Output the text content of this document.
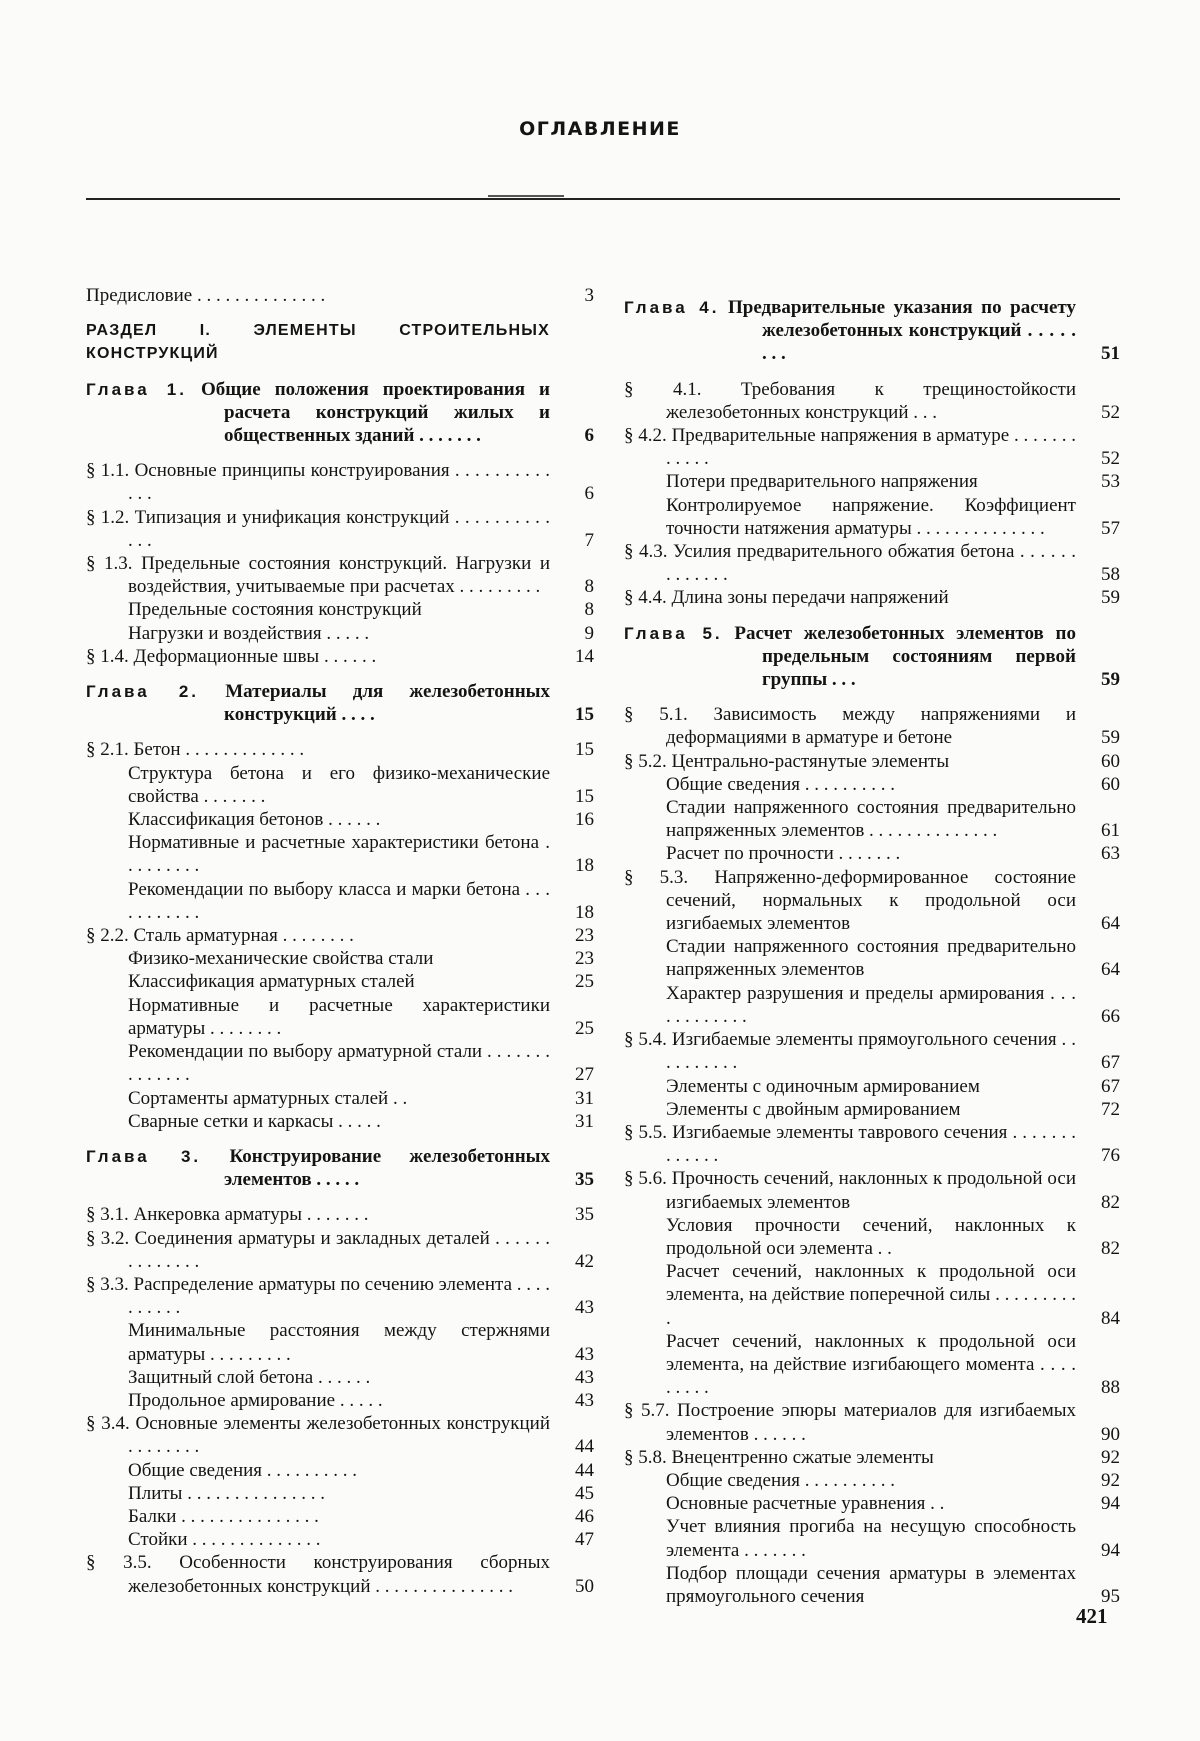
ОГЛАВЛЕНИЕ
Предисловие . . . . . . . . . . . . . .	3
РАЗДЕЛ I. ЭЛЕМЕНТЫ СТРОИТЕЛЬНЫХ КОНСТРУКЦИЙ
Глава 1. Общие положения проектирования и расчета конструкций жилых и общественных зданий . . . . . . .	6
§ 1.1. Основные принципы конструирования . . . . . . . . . . . . .	6
§ 1.2. Типизация и унификация конструкций . . . . . . . . . . . . .	7
§ 1.3. Предельные состояния конструкций. Нагрузки и воздействия, учитываемые при расчетах . . . . . . . . .	8
Предельные состояния конструкций	8
Нагрузки и воздействия . . . . .	9
§ 1.4. Деформационные швы . . . . . .	14
Глава 2. Материалы для железобетонных конструкций . . . .	15
§ 2.1. Бетон . . . . . . . . . . . . .	15
Структура бетона и его физико-механические свойства . . . . . . .	15
Классификация бетонов . . . . . .	16
Нормативные и расчетные характеристики бетона . . . . . . . . .	18
Рекомендации по выбору класса и марки бетона . . . . . . . . . . .	18
§ 2.2. Сталь арматурная . . . . . . . .	23
Физико-механические свойства стали	23
Классификация арматурных сталей	25
Нормативные и расчетные характеристики арматуры . . . . . . . .	25
Рекомендации по выбору арматурной стали . . . . . . . . . . . . . .	27
Сортаменты арматурных сталей . .	31
Сварные сетки и каркасы . . . . .	31
Глава 3. Конструирование железобетонных элементов . . . . .	35
§ 3.1. Анкеровка арматуры . . . . . . .	35
§ 3.2. Соединения арматуры и закладных деталей . . . . . . . . . . . . . .	42
§ 3.3. Распределение арматуры по сечению элемента . . . . . . . . . .	43
Минимальные расстояния между стержнями арматуры . . . . . . . . .	43
Защитный слой бетона . . . . . .	43
Продольное армирование . . . . .	43
§ 3.4. Основные элементы железобетонных конструкций . . . . . . . .	44
Общие сведения . . . . . . . . . .	44
Плиты . . . . . . . . . . . . . . .	45
Балки . . . . . . . . . . . . . . .	46
Стойки . . . . . . . . . . . . . .	47
§ 3.5. Особенности конструирования сборных железобетонных конструкций . . . . . . . . . . . . . . .	50
Глава 4. Предварительные указания по расчету железобетонных конструкций . . . . . . . .	51
§ 4.1. Требования к трещиностойкости железобетонных конструкций . . .	52
§ 4.2. Предварительные напряжения в арматуре . . . . . . . . . . . .	52
Потери предварительного напряжения	53
Контролируемое напряжение. Коэффициент точности натяжения арматуры . . . . . . . . . . . . . .	57
§ 4.3. Усилия предварительного обжатия бетона . . . . . . . . . . . . .	58
§ 4.4. Длина зоны передачи напряжений	59
Глава 5. Расчет железобетонных элементов по предельным состояниям первой группы . . .	59
§ 5.1. Зависимость между напряжениями и деформациями в арматуре и бетоне	59
§ 5.2. Центрально-растянутые элементы	60
Общие сведения . . . . . . . . . .	60
Стадии напряженного состояния предварительно напряженных элементов . . . . . . . . . . . . . .	61
Расчет по прочности . . . . . . .	63
§ 5.3. Напряженно-деформированное состояние сечений, нормальных к продольной оси изгибаемых элементов	64
Стадии напряженного состояния предварительно напряженных элементов	64
Характер разрушения и пределы армирования . . . . . . . . . . . .	66
§ 5.4. Изгибаемые элементы прямоугольного сечения . . . . . . . . . .	67
Элементы с одиночным армированием	67
Элементы с двойным армированием	72
§ 5.5. Изгибаемые элементы таврового сечения . . . . . . . . . . . . .	76
§ 5.6. Прочность сечений, наклонных к продольной оси изгибаемых элементов	82
Условия прочности сечений, наклонных к продольной оси элемента . .	82
Расчет сечений, наклонных к продольной оси элемента, на действие поперечной силы . . . . . . . . . .	84
Расчет сечений, наклонных к продольной оси элемента, на действие изгибающего момента . . . . . . . . .	88
§ 5.7. Построение эпюры материалов для изгибаемых элементов . . . . . .	90
§ 5.8. Внецентренно сжатые элементы	92
Общие сведения . . . . . . . . . .	92
Основные расчетные уравнения . .	94
Учет влияния прогиба на несущую способность элемента . . . . . . .	94
Подбор площади сечения арматуры в элементах прямоугольного сечения	95
421
